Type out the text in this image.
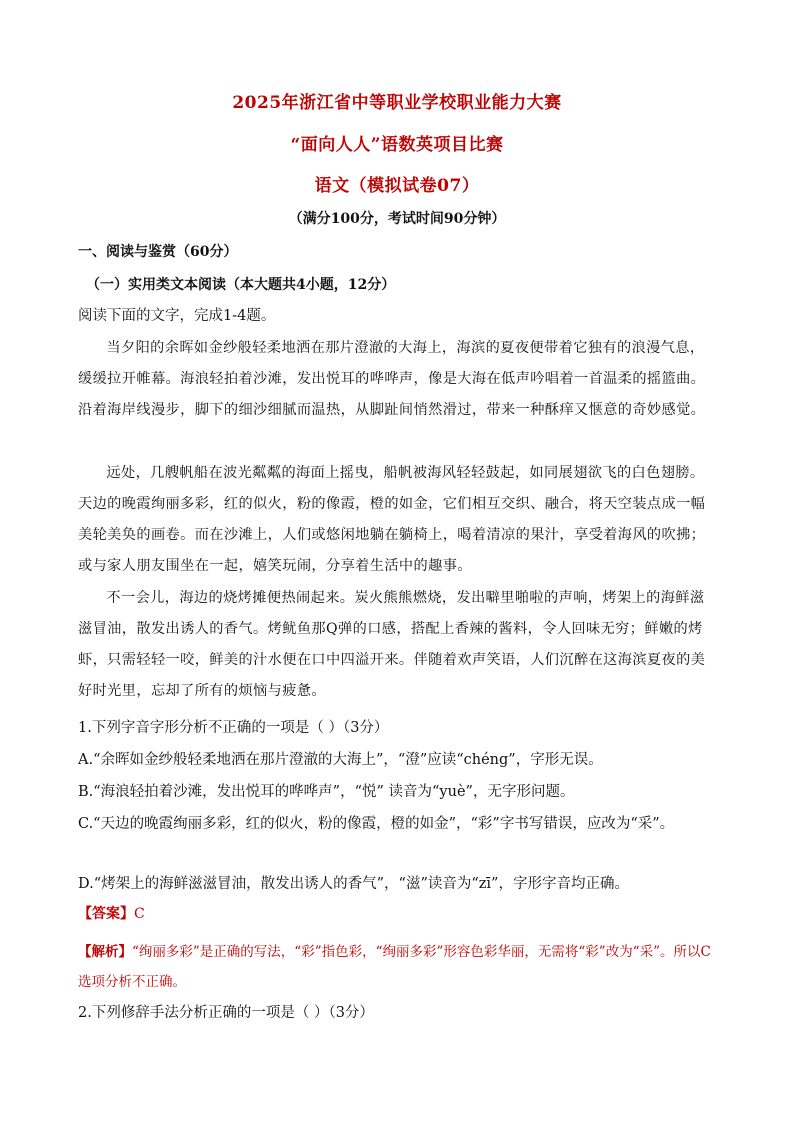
2025年浙江省中等职业学校职业能力大赛
“面向人人”语数英项目比赛
语文（模拟试卷07）
（满分100分，考试时间90分钟）
一、阅读与鉴赏（60分）
（一）实用类文本阅读（本大题共4小题，12分）
阅读下面的文字，完成1-4题。
当夕阳的余晖如金纱般轻柔地洒在那片澄澈的大海上，海滨的夏夜便带着它独有的浪漫气息，缓缓拉开帷幕。海浪轻拍着沙滩，发出悦耳的哗哗声，像是大海在低声吟唱着一首温柔的摇篮曲。沿着海岸线漫步，脚下的细沙细腻而温热，从脚趾间悄然滑过，带来一种酥痒又惬意的奇妙感觉。
远处，几艘帆船在波光粼粼的海面上摇曳，船帆被海风轻轻鼓起，如同展翅欲飞的白色翅膀。天边的晚霞绚丽多彩，红的似火，粉的像霞，橙的如金，它们相互交织、融合，将天空装点成一幅美轮美奂的画卷。而在沙滩上，人们或悠闲地躺在躺椅上，喝着清凉的果汁，享受着海风的吹拂；或与家人朋友围坐在一起，嬉笑玩闹，分享着生活中的趣事。
不一会儿，海边的烧烤摊便热闹起来。炭火熊熊燃烧，发出噼里啪啦的声响，烤架上的海鲜滋滋冒油，散发出诱人的香气。烤鱿鱼那Q弹的口感，搭配上香辣的酱料，令人回味无穷；鲜嫩的烤虾，只需轻轻一咬，鲜美的汁水便在口中四溢开来。伴随着欢声笑语，人们沉醉在这海滨夏夜的美好时光里，忘却了所有的烦恼与疲惫。
1.下列字音字形分析不正确的一项是（ ）（3分）
A.“余晖如金纱般轻柔地洒在那片澄澈的大海上”，“澄”应读“chéng”，字形无误。
B.“海浪轻拍着沙滩，发出悦耳的哗哗声”，“悦” 读音为“yuè”，无字形问题。
C.“天边的晚霞绚丽多彩，红的似火，粉的像霞，橙的如金”，“彩”字书写错误，应改为“采”。
D.“烤架上的海鲜滋滋冒油，散发出诱人的香气”，“滋”读音为“zī”，字形字音均正确。
【答案】C
【解析】“绚丽多彩”是正确的写法，“彩”指色彩，“绚丽多彩”形容色彩华丽，无需将“彩”改为“采”。所以C选项分析不正确。
2.下列修辞手法分析正确的一项是（ ）（3分）
